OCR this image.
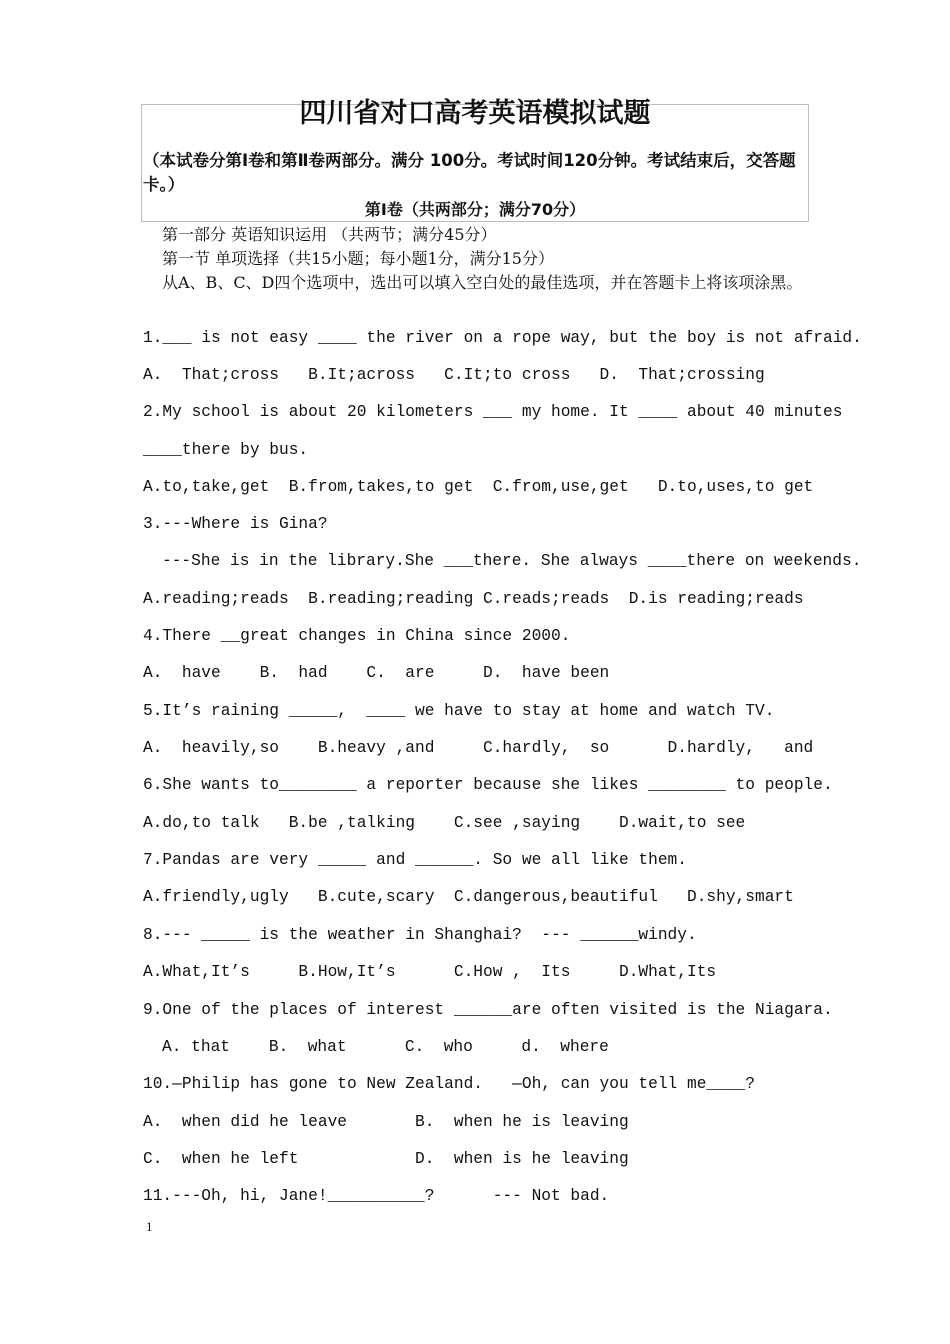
四川省对口高考英语模拟试题

（本试卷分第Ⅰ卷和第Ⅱ卷两部分。满分 100分。考试时间120分钟。考试结束后，交答题卡。）

第Ⅰ卷（共两部分；满分70分）

第一部分 英语知识运用 （共两节；满分45分）

第一节 单项选择（共15小题；每小题1分，满分15分）

从A、B、C、D四个选项中，选出可以填入空白处的最佳选项，并在答题卡上将该项涂黑。

1.___ is not easy ____ the river on a rope way, but the boy is not afraid.

A.  That;cross   B.It;across   C.It;to cross   D.  That;crossing

2.My school is about 20 kilometers ___ my home. It ____ about 40 minutes

____there by bus.

A.to,take,get  B.from,takes,to get  C.from,use,get   D.to,uses,to get

3.---Where is Gina?

---She is in the library.She ___there. She always ____there on weekends.

A.reading;reads  B.reading;reading C.reads;reads  D.is reading;reads

4.There __great changes in China since 2000.

A.  have    B.  had    C.  are     D.  have been

5.It’s raining _____,  ____ we have to stay at home and watch TV.

A.  heavily,so    B.heavy ,and     C.hardly,  so      D.hardly,   and

6.She wants to________ a reporter because she likes ________ to people.

A.do,to talk   B.be ,talking    C.see ,saying    D.wait,to see

7.Pandas are very _____ and ______. So we all like them.

A.friendly,ugly   B.cute,scary  C.dangerous,beautiful   D.shy,smart

8.--- _____ is the weather in Shanghai?  --- ______windy.

A.What,It’s     B.How,It’s      C.How ,  Its     D.What,Its

9.One of the places of interest ______are often visited is the Niagara.

A. that    B.  what      C.  who     d.  where

10.—Philip has gone to New Zealand.   —Oh, can you tell me____?

A.  when did he leave       B.  when he is leaving

C.  when he left            D.  when is he leaving

11.---Oh, hi, Jane!__________?      --- Not bad.

1
